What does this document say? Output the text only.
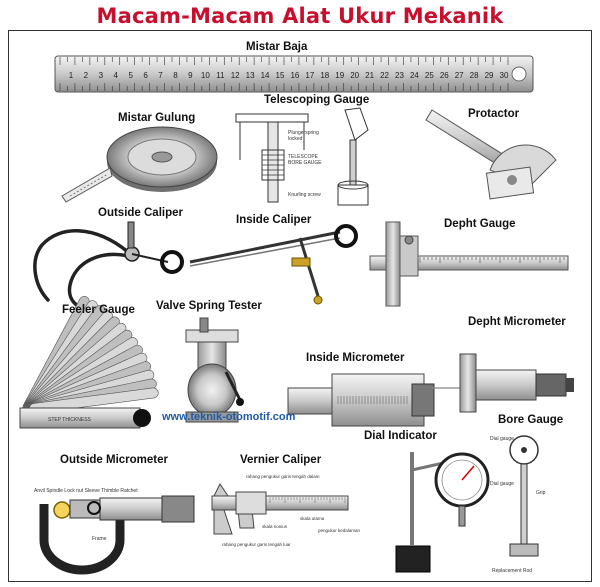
Macam-Macam Alat Ukur Mekanik
1 2 3 4 5 6 7 8 9 10 11 12 13 14 15 16 17 18 19 20 21 22 23 24 25 26 27 28 29 30
Plungerspring
locked
TELESCOPE
BORE GAUGE
Knurling screw
STEP THICKNESS
Dial gauge
Dial gauge
Grip
Replacement Rod
Anvil Spindle Lock nut Sleeve Thimble Ratchet
Frame
rahang pengukur garis tengah dalam
skala nonius
skala utama
pengukur kedalaman
rahang pengukur garis tengah luar
Mistar Baja
Mistar Gulung
Telescoping Gauge
Protactor
Outside Caliper
Inside Caliper	Depht Gauge
Feeler Gauge Valve Spring Tester
Depht Micrometer
Inside Micrometer
Bore Gauge
Dial Indicator
Outside Micrometer	Vernier Caliper
www.teknik-otomotif.com
